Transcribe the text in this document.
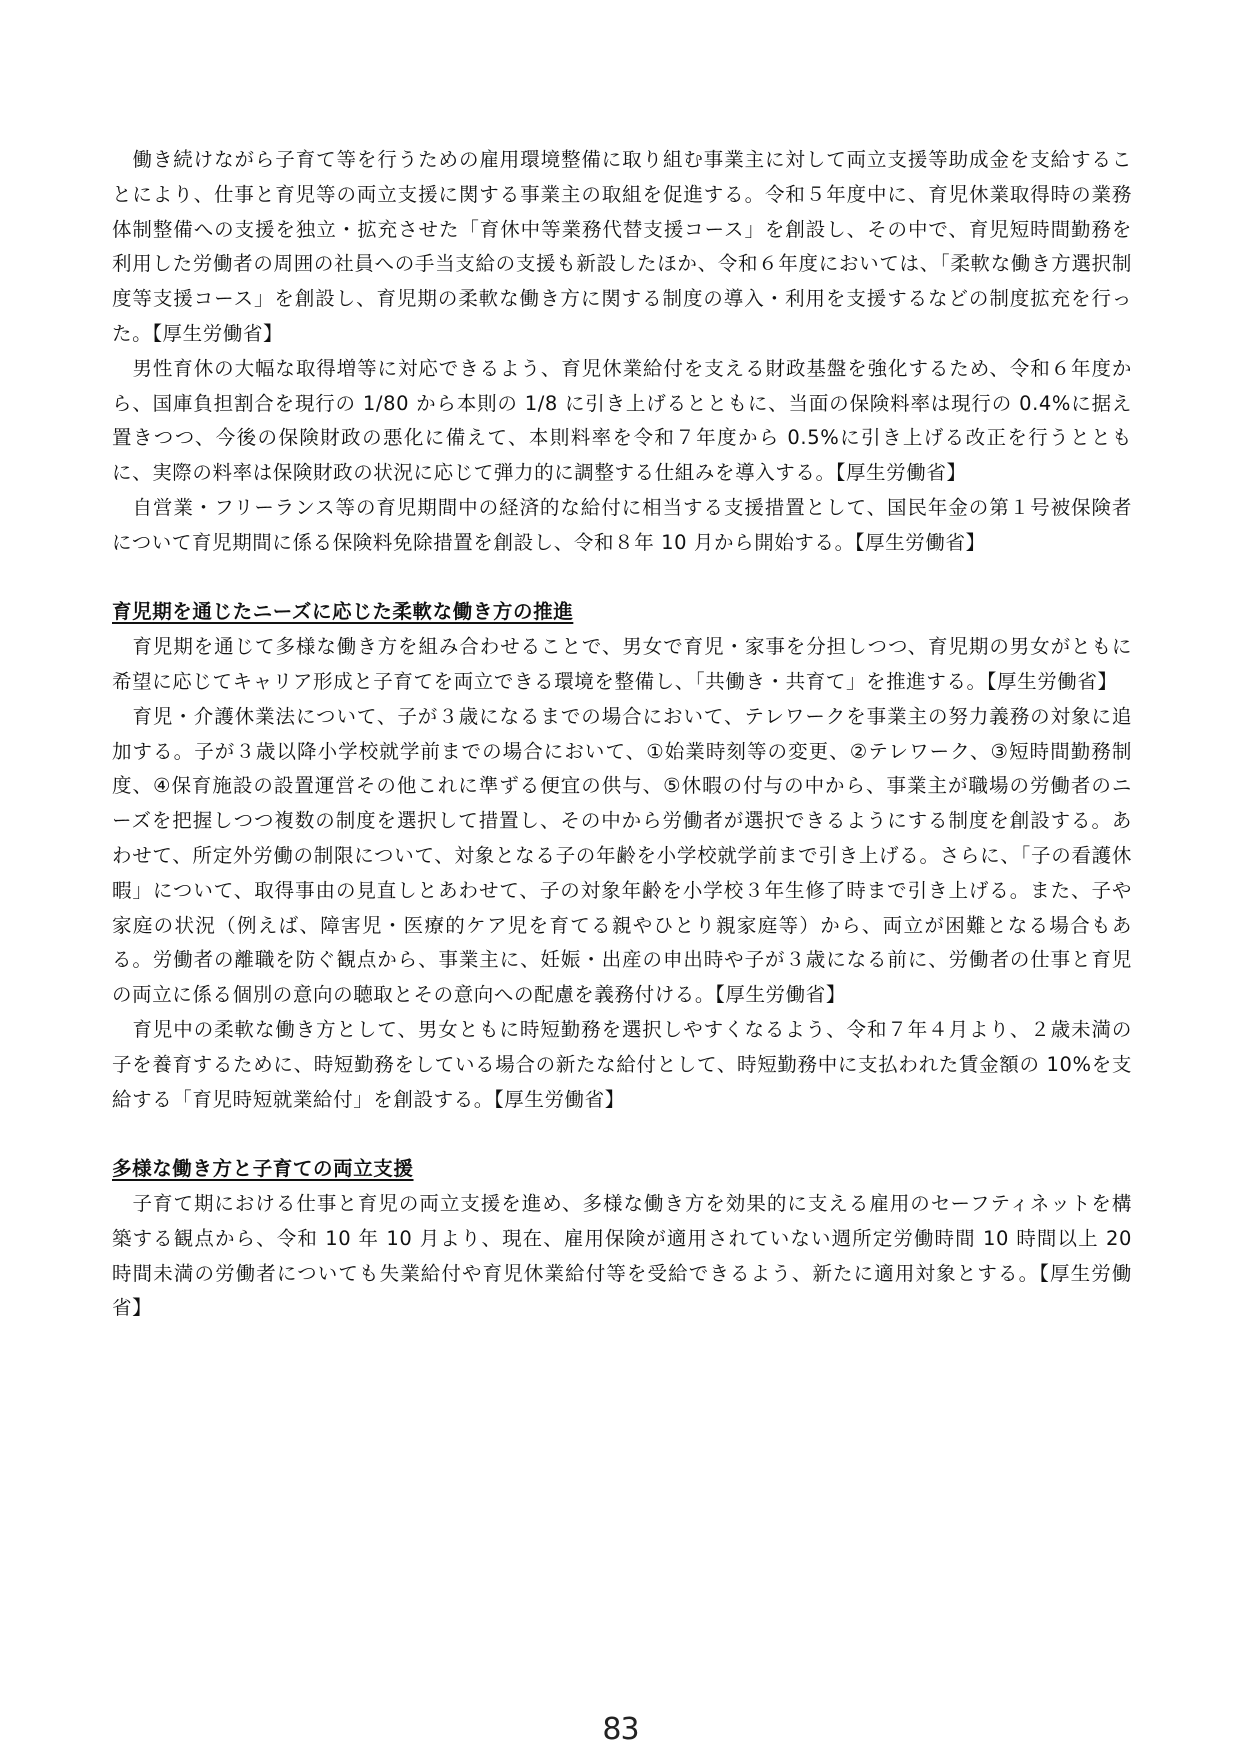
働き続けながら子育て等を行うための雇用環境整備に取り組む事業主に対して両立支援等助成金を支給することにより、仕事と育児等の両立支援に関する事業主の取組を促進する。令和５年度中に、育児休業取得時の業務体制整備への支援を独立・拡充させた「育休中等業務代替支援コース」を創設し、その中で、育児短時間勤務を利用した労働者の周囲の社員への手当支給の支援も新設したほか、令和６年度においては、「柔軟な働き方選択制度等支援コース」を創設し、育児期の柔軟な働き方に関する制度の導入・利用を支援するなどの制度拡充を行った。【厚生労働省】

男性育休の大幅な取得増等に対応できるよう、育児休業給付を支える財政基盤を強化するため、令和６年度から、国庫負担割合を現行の 1/80 から本則の 1/8 に引き上げるとともに、当面の保険料率は現行の 0.4%に据え置きつつ、今後の保険財政の悪化に備えて、本則料率を令和７年度から 0.5%に引き上げる改正を行うとともに、実際の料率は保険財政の状況に応じて弾力的に調整する仕組みを導入する。【厚生労働省】

自営業・フリーランス等の育児期間中の経済的な給付に相当する支援措置として、国民年金の第１号被保険者について育児期間に係る保険料免除措置を創設し、令和８年 10 月から開始する。【厚生労働省】

育児期を通じたニーズに応じた柔軟な働き方の推進

育児期を通じて多様な働き方を組み合わせることで、男女で育児・家事を分担しつつ、育児期の男女がともに希望に応じてキャリア形成と子育てを両立できる環境を整備し、「共働き・共育て」を推進する。【厚生労働省】

育児・介護休業法について、子が３歳になるまでの場合において、テレワークを事業主の努力義務の対象に追加する。子が３歳以降小学校就学前までの場合において、①始業時刻等の変更、②テレワーク、③短時間勤務制度、④保育施設の設置運営その他これに準ずる便宜の供与、⑤休暇の付与の中から、事業主が職場の労働者のニーズを把握しつつ複数の制度を選択して措置し、その中から労働者が選択できるようにする制度を創設する。あわせて、所定外労働の制限について、対象となる子の年齢を小学校就学前まで引き上げる。さらに、「子の看護休暇」について、取得事由の見直しとあわせて、子の対象年齢を小学校３年生修了時まで引き上げる。また、子や家庭の状況（例えば、障害児・医療的ケア児を育てる親やひとり親家庭等）から、両立が困難となる場合もある。労働者の離職を防ぐ観点から、事業主に、妊娠・出産の申出時や子が３歳になる前に、労働者の仕事と育児の両立に係る個別の意向の聴取とその意向への配慮を義務付ける。【厚生労働省】

育児中の柔軟な働き方として、男女ともに時短勤務を選択しやすくなるよう、令和７年４月より、２歳未満の子を養育するために、時短勤務をしている場合の新たな給付として、時短勤務中に支払われた賃金額の 10%を支給する「育児時短就業給付」を創設する。【厚生労働省】

多様な働き方と子育ての両立支援

子育て期における仕事と育児の両立支援を進め、多様な働き方を効果的に支える雇用のセーフティネットを構築する観点から、令和 10 年 10 月より、現在、雇用保険が適用されていない週所定労働時間 10 時間以上 20 時間未満の労働者についても失業給付や育児休業給付等を受給できるよう、新たに適用対象とする。【厚生労働省】

83
